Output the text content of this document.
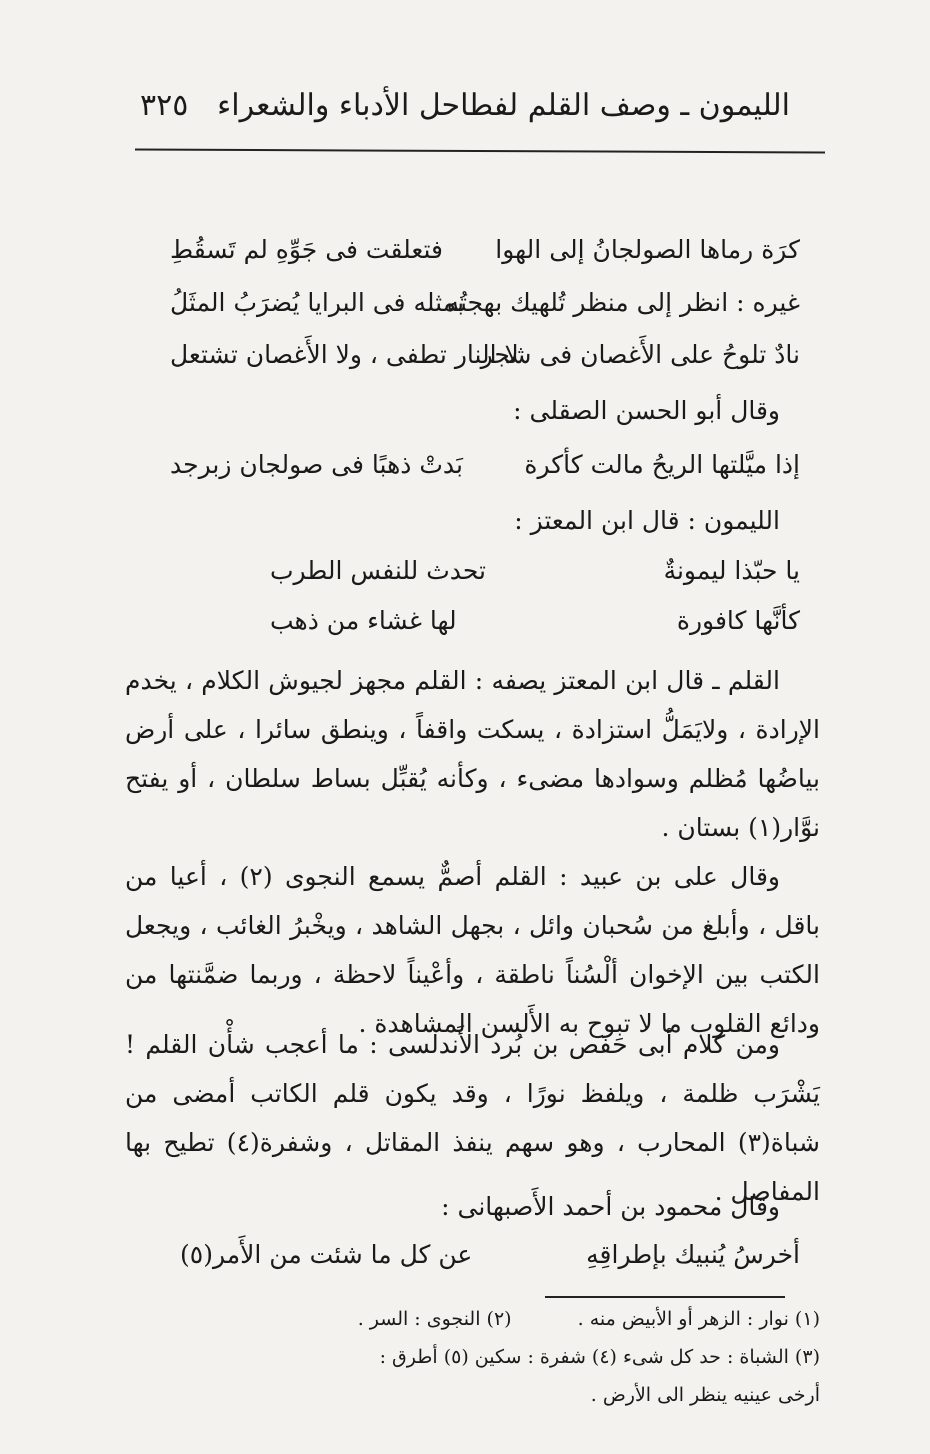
الليمون ـ وصف القلم لفطاحل الأدباء والشعراء
٣٢٥
كرَة رماها الصولجانُ إلى الهوا
فتعلقت فى جَوِّهِ لم تَسقُطِ
غيره : انظر إلى منظر تُلهيك بهجتُه
بمثله فى البرايا يُضرَبُ المثَلُ
نادٌ تلوحُ على الأَغصان فى شجر
لا النار تطفى ، ولا الأَغصان تشتعل
وقال أبو الحسن الصقلى :
إذا ميَّلتها الريحُ مالت كأكرة
بَدتْ ذهبًا فى صولجان زبرجد
الليمون : قال ابن المعتز :
يا حبّذا ليمونةٌ
تحدث للنفس الطرب
كأنَّها كافورة
لها غشاء من ذهب

القلم ـ قال ابن المعتز يصفه : القلم مجهز لجيوش الكلام ، يخدم الإرادة ، ولايَمَلُّ استزادة ، يسكت واقفاً ، وينطق سائرا ، على أرض بياضُها مُظلم وسوادها مضىء ، وكأنه يُقبِّل بساط سلطان ، أو يفتح نوَّار(١) بستان .

وقال على بن عبيد : القلم أصمٌّ يسمع النجوى (٢) ، أعيا من باقل ، وأبلغ من سُحبان وائل ، بجهل الشاهد ، ويخْبرُ الغائب ، ويجعل الكتب بين الإخوان ألْسُناً ناطقة ، وأعْيناً لاحظة ، وربما ضمَّنتها من ودائع القلوب ما لا تبوح به الأَلسن المشاهدة .

ومن كلام أبى حَفص بن بُرد الأَندلسى : ما أعجب شأْن القلم ! يَشْرَب ظلمة ، ويلفظ نورًا ، وقد يكون قلم الكاتب أمضى من شباة(٣) المحارب ، وهو سهم ينفذ المقاتل ، وشفرة(٤) تطيح بها المفاصل .

وقال محمود بن أحمد الأَصبهانى :
أخرسُ يُنبيك بإطراقِهِ
عن كل ما شئت من الأَمر(٥)
(١) نوار : الزهر أو الأبيض منه . (٢) النجوى : السر .
(٣) الشباة : حد كل شىء (٤) شفرة : سكين (٥) أطرق :
أرخى عينيه ينظر الى الأرض .
